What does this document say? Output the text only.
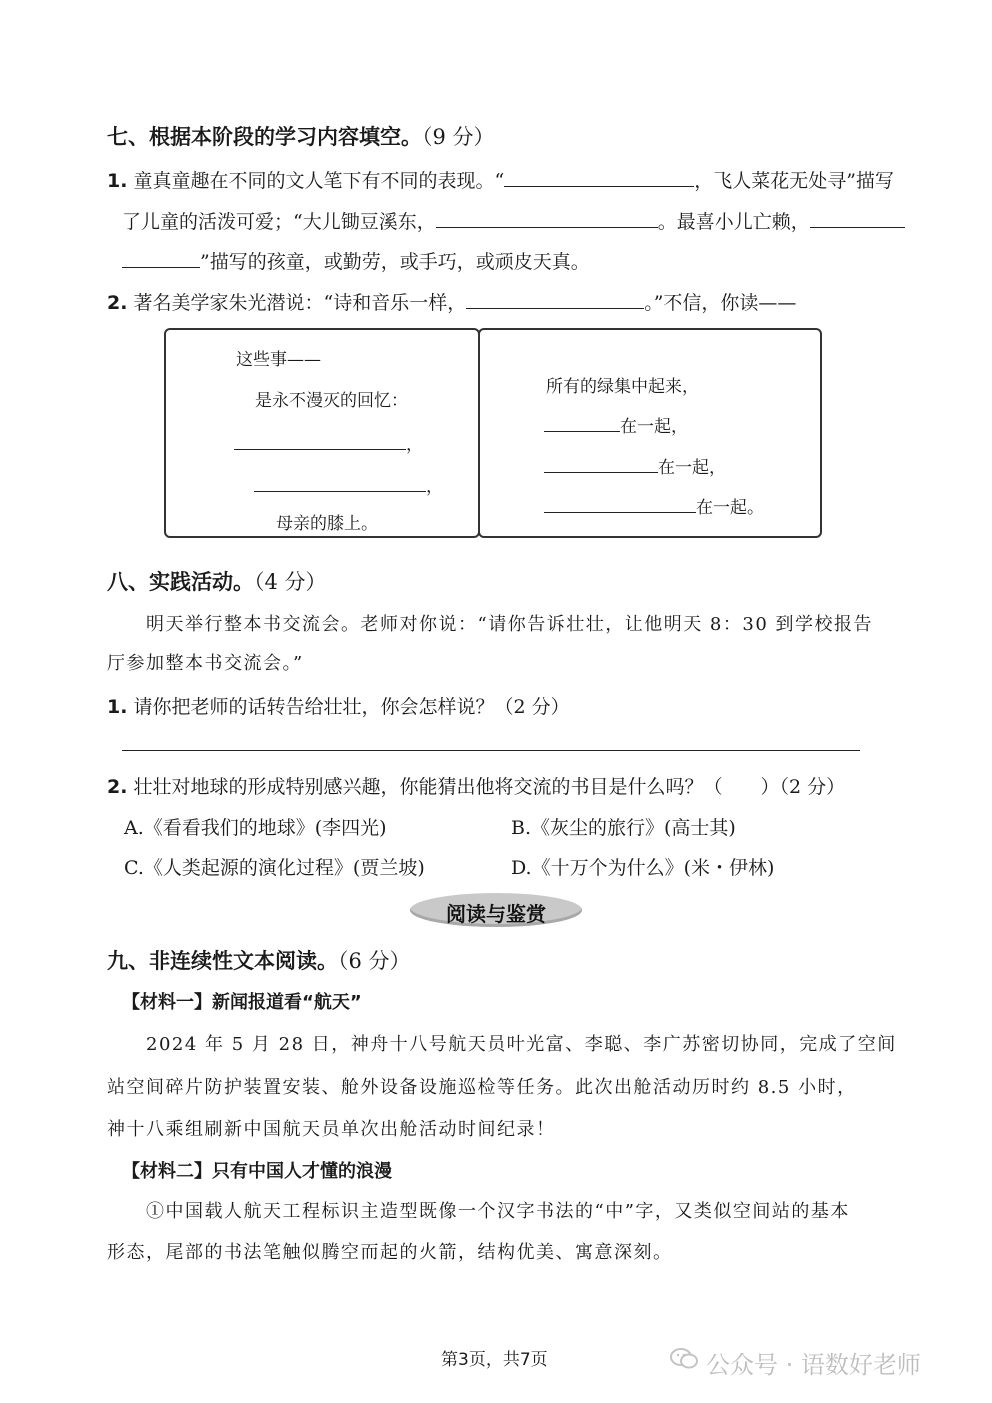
七、根据本阶段的学习内容填空。（9 分）
1. 童真童趣在不同的文人笔下有不同的表现。“	，飞人菜花无处寻”描写
了儿童的活泼可爱；“大儿锄豆溪东，	。最喜小儿亡赖，
”描写的孩童，或勤劳，或手巧，或顽皮天真。
2. 著名美学家朱光潜说：“诗和音乐一样，	。”不信，你读——
这些事——
是永不漫灭的回忆：
，
，
母亲的膝上。
所有的绿集中起来，
在一起，
在一起，
在一起。
八、实践活动。（4 分）
明天举行整本书交流会。老师对你说：“请你告诉壮壮，让他明天 8：30 到学校报告
厅参加整本书交流会。”
1. 请你把老师的话转告给壮壮，你会怎样说？（2 分）
2. 壮壮对地球的形成特别感兴趣，你能猜出他将交流的书目是什么吗？（　　）（2 分）
A.《看看我们的地球》(李四光)	B.《灰尘的旅行》(高士其)
C.《人类起源的演化过程》(贾兰坡)	D.《十万个为什么》(米・伊林)
阅读与鉴赏
九、非连续性文本阅读。（6 分）
【材料一】新闻报道看“航天”
2024 年 5 月 28 日，神舟十八号航天员叶光富、李聪、李广苏密切协同，完成了空间
站空间碎片防护装置安装、舱外设备设施巡检等任务。此次出舱活动历时约 8.5 小时，
神十八乘组刷新中国航天员单次出舱活动时间纪录！
【材料二】只有中国人才懂的浪漫
①中国载人航天工程标识主造型既像一个汉字书法的“中”字，又类似空间站的基本
形态，尾部的书法笔触似腾空而起的火箭，结构优美、寓意深刻。
第3页，共7页	公众号 · 语数好老师
